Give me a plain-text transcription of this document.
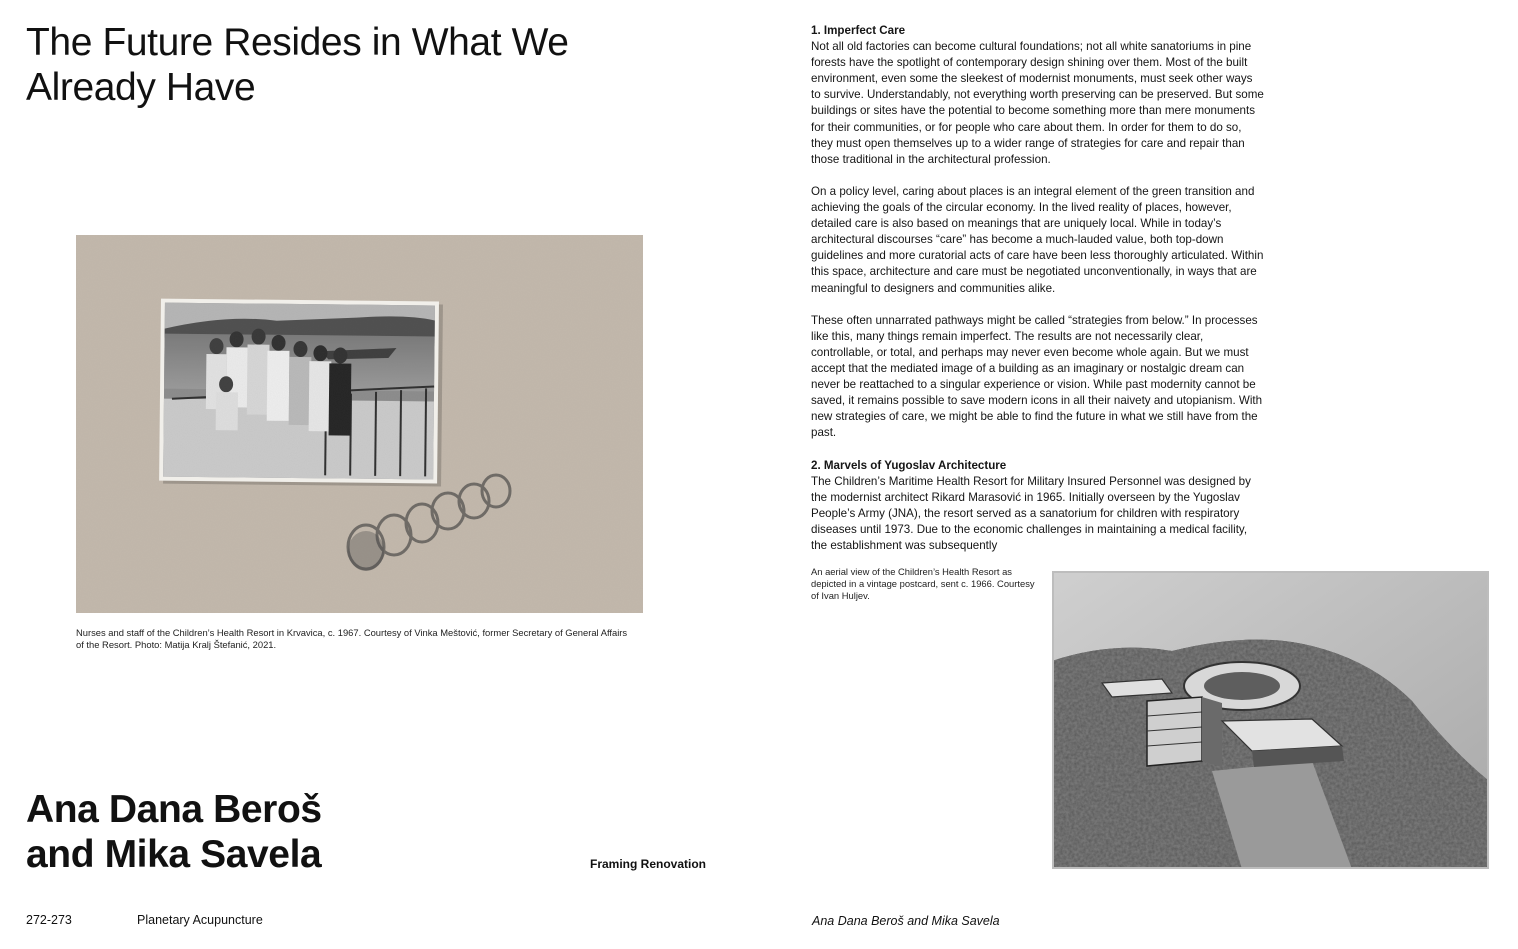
The Future Resides in What We
Already Have
Nurses and staff of the Children’s Health Resort in Krvavica, c. 1967. Courtesy of Vinka Meštović, former Secretary of General Affairs of the Resort. Photo: Matija Kralj Štefanić, 2021.
Ana Dana Beroš
and Mika Savela	Framing Renovation
272-273	Planetary Acupuncture
1. Imperfect Care

Not all old factories can become cultural foundations; not all white sanatoriums in pine forests have the spotlight of contemporary design shining over them. Most of the built environment, even some the sleekest of modernist monuments, must seek other ways to survive. Understandably, not everything worth preserving can be preserved. But some buildings or sites have the potential to become something more than mere monuments for their communities, or for people who care about them. In order for them to do so, they must open themselves up to a wider range of strategies for care and repair than those traditional in the architectural profession.

On a policy level, caring about places is an integral element of the green transition and achieving the goals of the circular economy. In the lived reality of places, however, detailed care is also based on meanings that are uniquely local. While in today’s architectural discourses “care” has become a much-lauded value, both top-down guidelines and more curatorial acts of care have been less thoroughly articulated. Within this space, architecture and care must be negotiated unconventionally, in ways that are meaningful to designers and communities alike.

These often unnarrated pathways might be called “strategies from below.” In processes like this, many things remain imperfect. The results are not necessarily clear, controllable, or total, and perhaps may never even become whole again. But we must accept that the mediated image of a building as an imaginary or nostalgic dream can never be reattached to a singular experience or vision. While past modernity cannot be saved, it remains possible to save modern icons in all their naivety and utopianism. With new strategies of care, we might be able to find the future in what we still have from the past.

2. Marvels of Yugoslav Architecture

The Children’s Maritime Health Resort for Military Insured Personnel was designed by the modernist architect Rikard Marasović in 1965. Initially overseen by the Yugoslav People’s Army (JNA), the resort served as a sanatorium for children with respiratory diseases until 1973. Due to the economic challenges in maintaining a medical facility, the establishment was subsequently

An aerial view of the Children’s Health Resort as depicted in a vintage postcard, sent c. 1966. Courtesy of Ivan Huljev.
Ana Dana Beroš and Mika Savela
